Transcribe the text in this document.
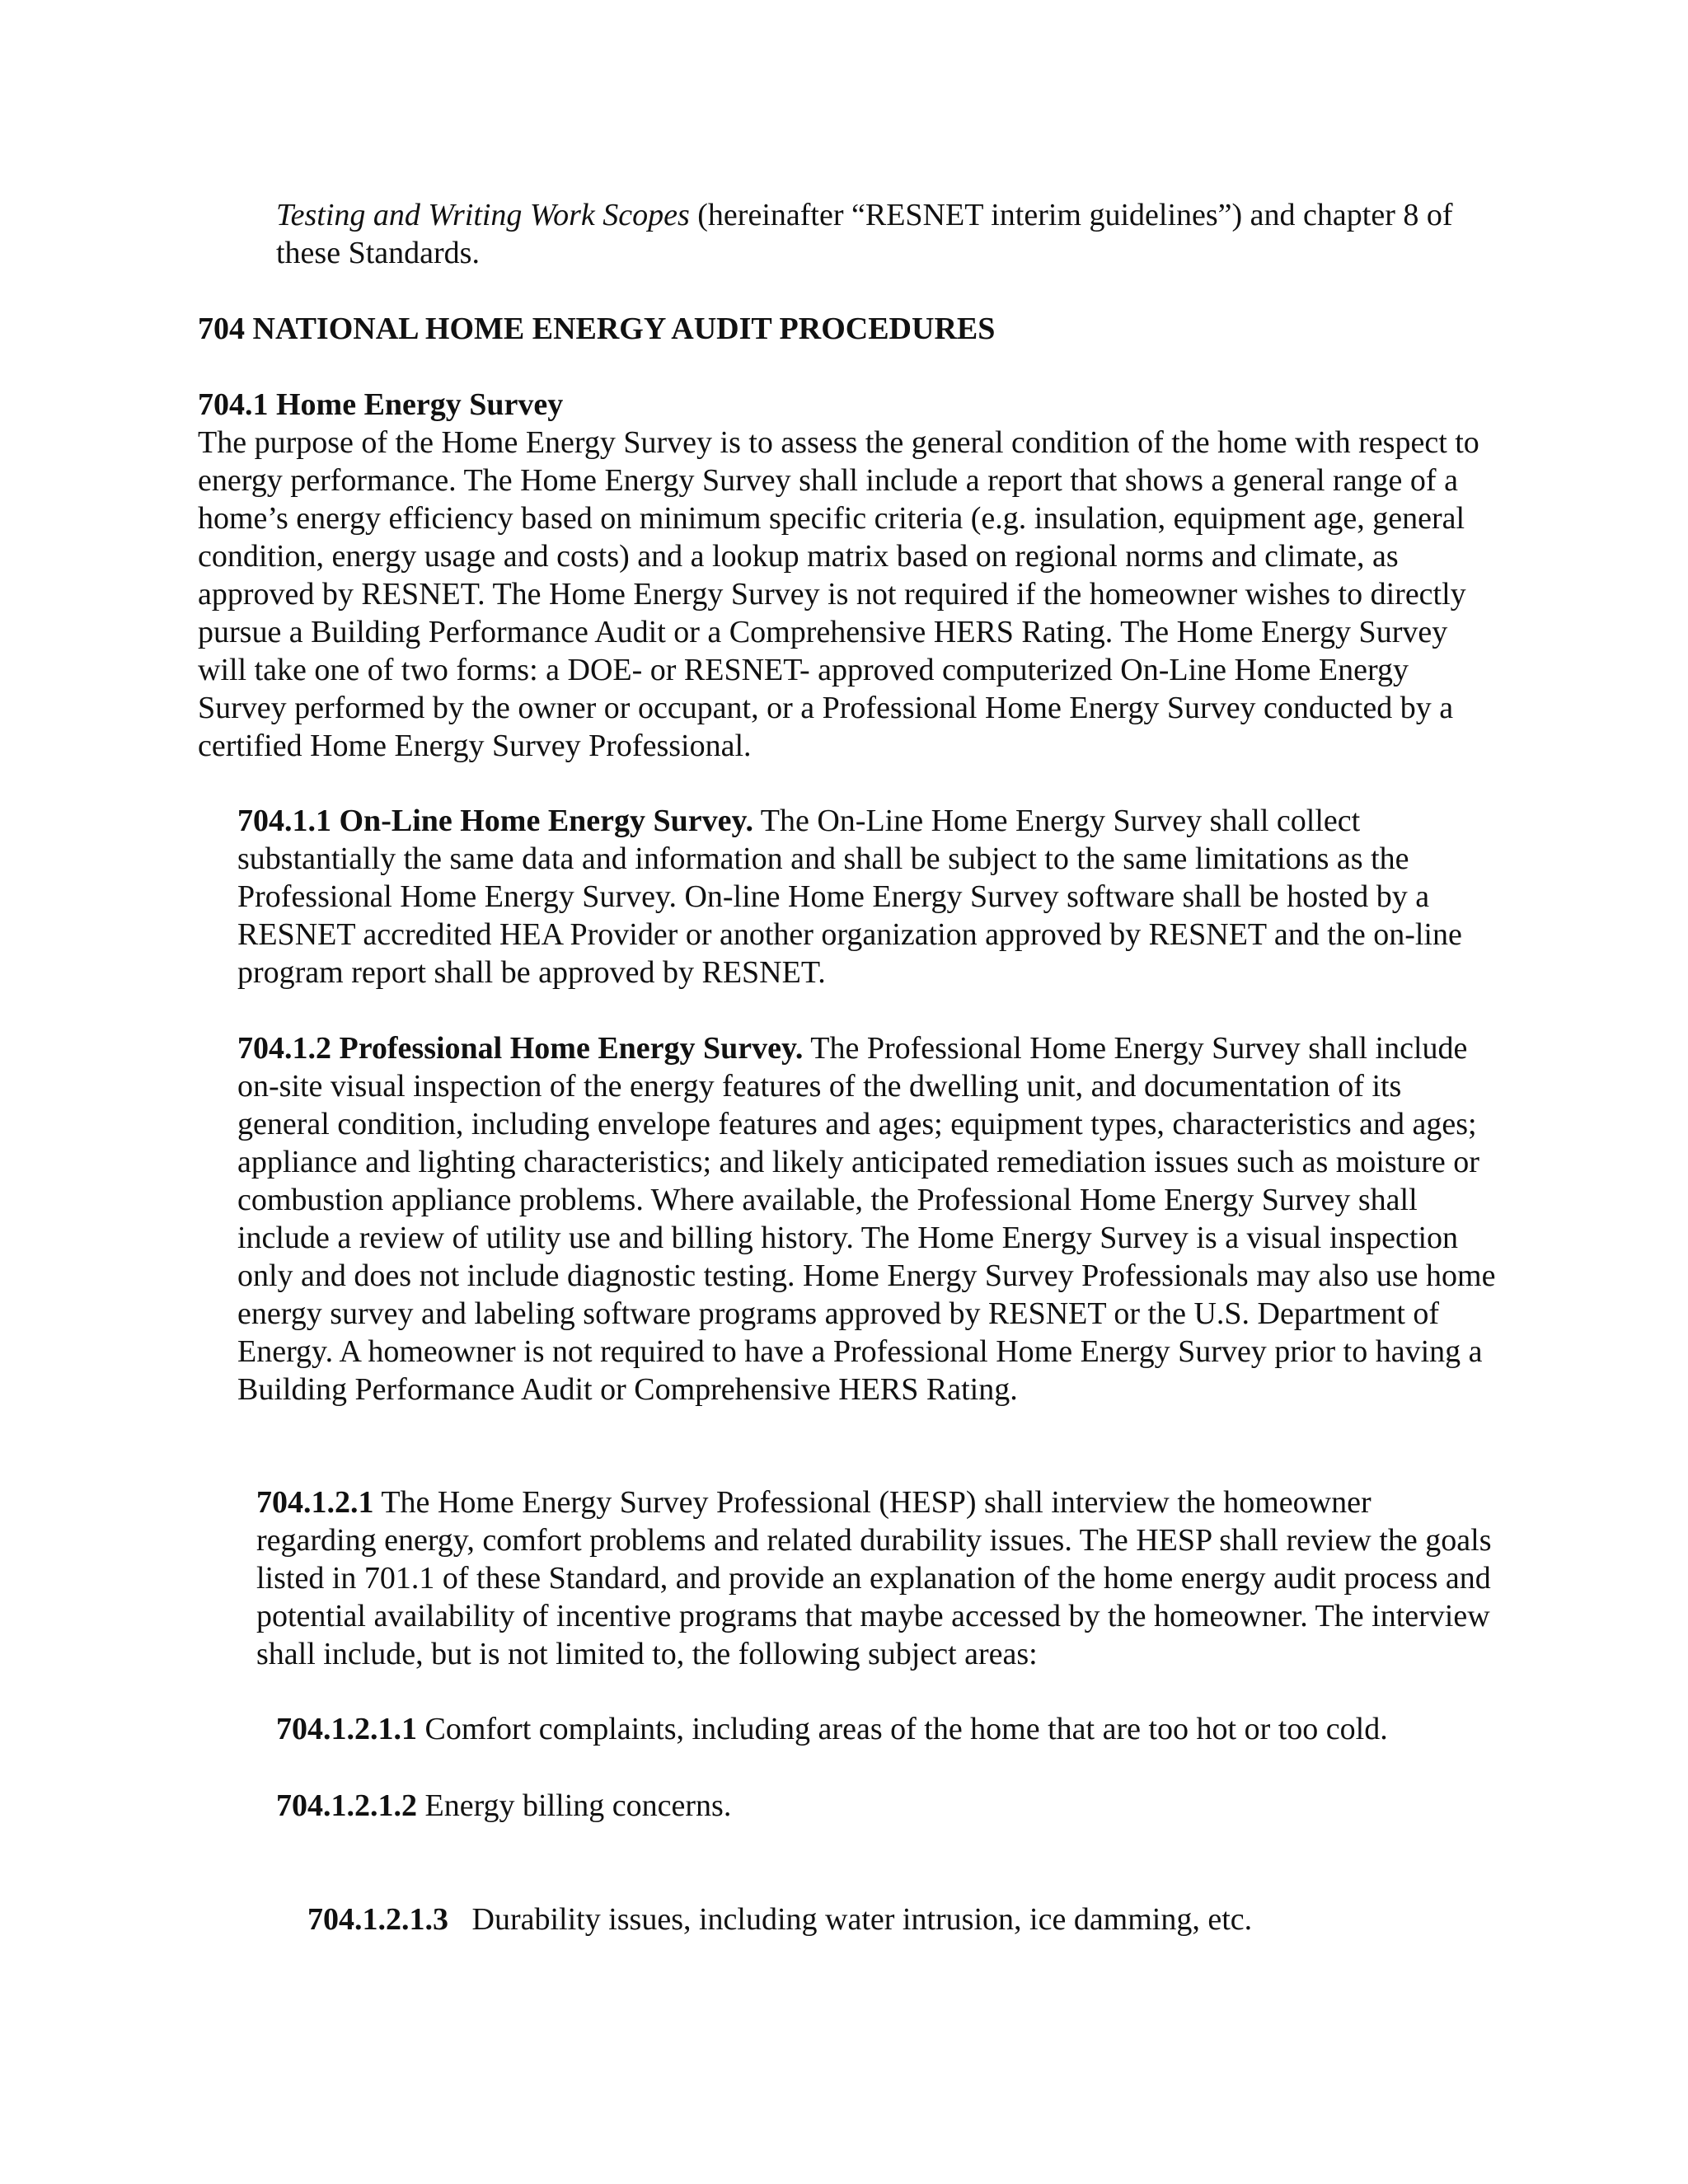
Testing and Writing Work Scopes (hereinafter “RESNET interim guidelines”) and chapter 8 of these Standards.

704 NATIONAL HOME ENERGY AUDIT PROCEDURES

704.1 Home Energy Survey
The purpose of the Home Energy Survey is to assess the general condition of the home with respect to energy performance. The Home Energy Survey shall include a report that shows a general range of a home’s energy efficiency based on minimum specific criteria (e.g. insulation, equipment age, general condition, energy usage and costs) and a lookup matrix based on regional norms and climate, as approved by RESNET. The Home Energy Survey is not required if the homeowner wishes to directly pursue a Building Performance Audit or a Comprehensive HERS Rating. The Home Energy Survey will take one of two forms: a DOE- or RESNET- approved computerized On-Line Home Energy Survey performed by the owner or occupant, or a Professional Home Energy Survey conducted by a certified Home Energy Survey Professional.

704.1.1 On-Line Home Energy Survey. The On-Line Home Energy Survey shall collect substantially the same data and information and shall be subject to the same limitations as the Professional Home Energy Survey. On-line Home Energy Survey software shall be hosted by a RESNET accredited HEA Provider or another organization approved by RESNET and the on-line program report shall be approved by RESNET.

704.1.2 Professional Home Energy Survey. The Professional Home Energy Survey shall include on-site visual inspection of the energy features of the dwelling unit, and documentation of its general condition, including envelope features and ages; equipment types, characteristics and ages; appliance and lighting characteristics; and likely anticipated remediation issues such as moisture or combustion appliance problems. Where available, the Professional Home Energy Survey shall include a review of utility use and billing history. The Home Energy Survey is a visual inspection only and does not include diagnostic testing. Home Energy Survey Professionals may also use home energy survey and labeling software programs approved by RESNET or the U.S. Department of Energy. A homeowner is not required to have a Professional Home Energy Survey prior to having a Building Performance Audit or Comprehensive HERS Rating.

704.1.2.1 The Home Energy Survey Professional (HESP) shall interview the homeowner regarding energy, comfort problems and related durability issues. The HESP shall review the goals listed in 701.1 of these Standard, and provide an explanation of the home energy audit process and potential availability of incentive programs that maybe accessed by the homeowner. The interview shall include, but is not limited to, the following subject areas:

704.1.2.1.1 Comfort complaints, including areas of the home that are too hot or too cold.

704.1.2.1.2 Energy billing concerns.

704.1.2.1.3   Durability issues, including water intrusion, ice damming, etc.
